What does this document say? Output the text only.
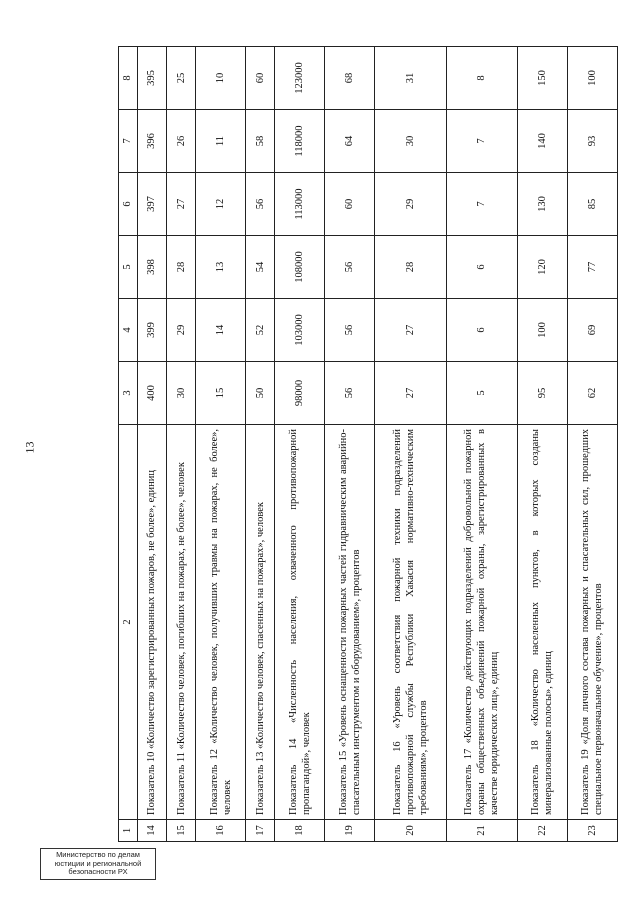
13
1	2	3	4	5	6	7	8
14	Показатель 10 «Количество зарегистрированных пожаров, не более», единиц	400	399	398	397	396	395
15	Показатель 11 «Количество человек, погибших на пожарах, не более», человек	30	29	28	27	26	25
16	Показатель 12 «Количество человек, получивших травмы на пожарах, не более», человек	15	14	13	12	11	10
17	Показатель 13 «Количество человек, спасенных на пожарах», человек	50	52	54	56	58	60
18	Показатель 14 «Численность населения, охваченного противопожарной пропагандой», человек	98000	103000	108000	113000	118000	123000
19	Показатель 15 «Уровень оснащенности пожарных частей гидравническим аварийно-спасательным инструментом и оборудованием», процентов	56	56	56	60	64	68
20	Показатель 16 «Уровень соответствия пожарной техники подразделений противопожарной службы Республики Хакасия нормативно-техническим требованиям», процентов	27	27	28	29	30	31
21	Показатель 17 «Количество действующих подразделений добровольной пожарной охраны общественных объединений пожарной охраны, зарегистрированных в качестве юридических лиц», единиц	5	6	6	7	7	8
22	Показатель 18 «Количество населенных пунктов, в которых созданы минерализованные полосы», единиц	95	100	120	130	140	150
23	Показатель 19 «Доля личного состава пожарных и спасательных сил, прошедших специальное первоначальное обучение», процентов	62	69	77	85	93	100
Министерство по делам
юстиции и региональной
безопасности РХ
